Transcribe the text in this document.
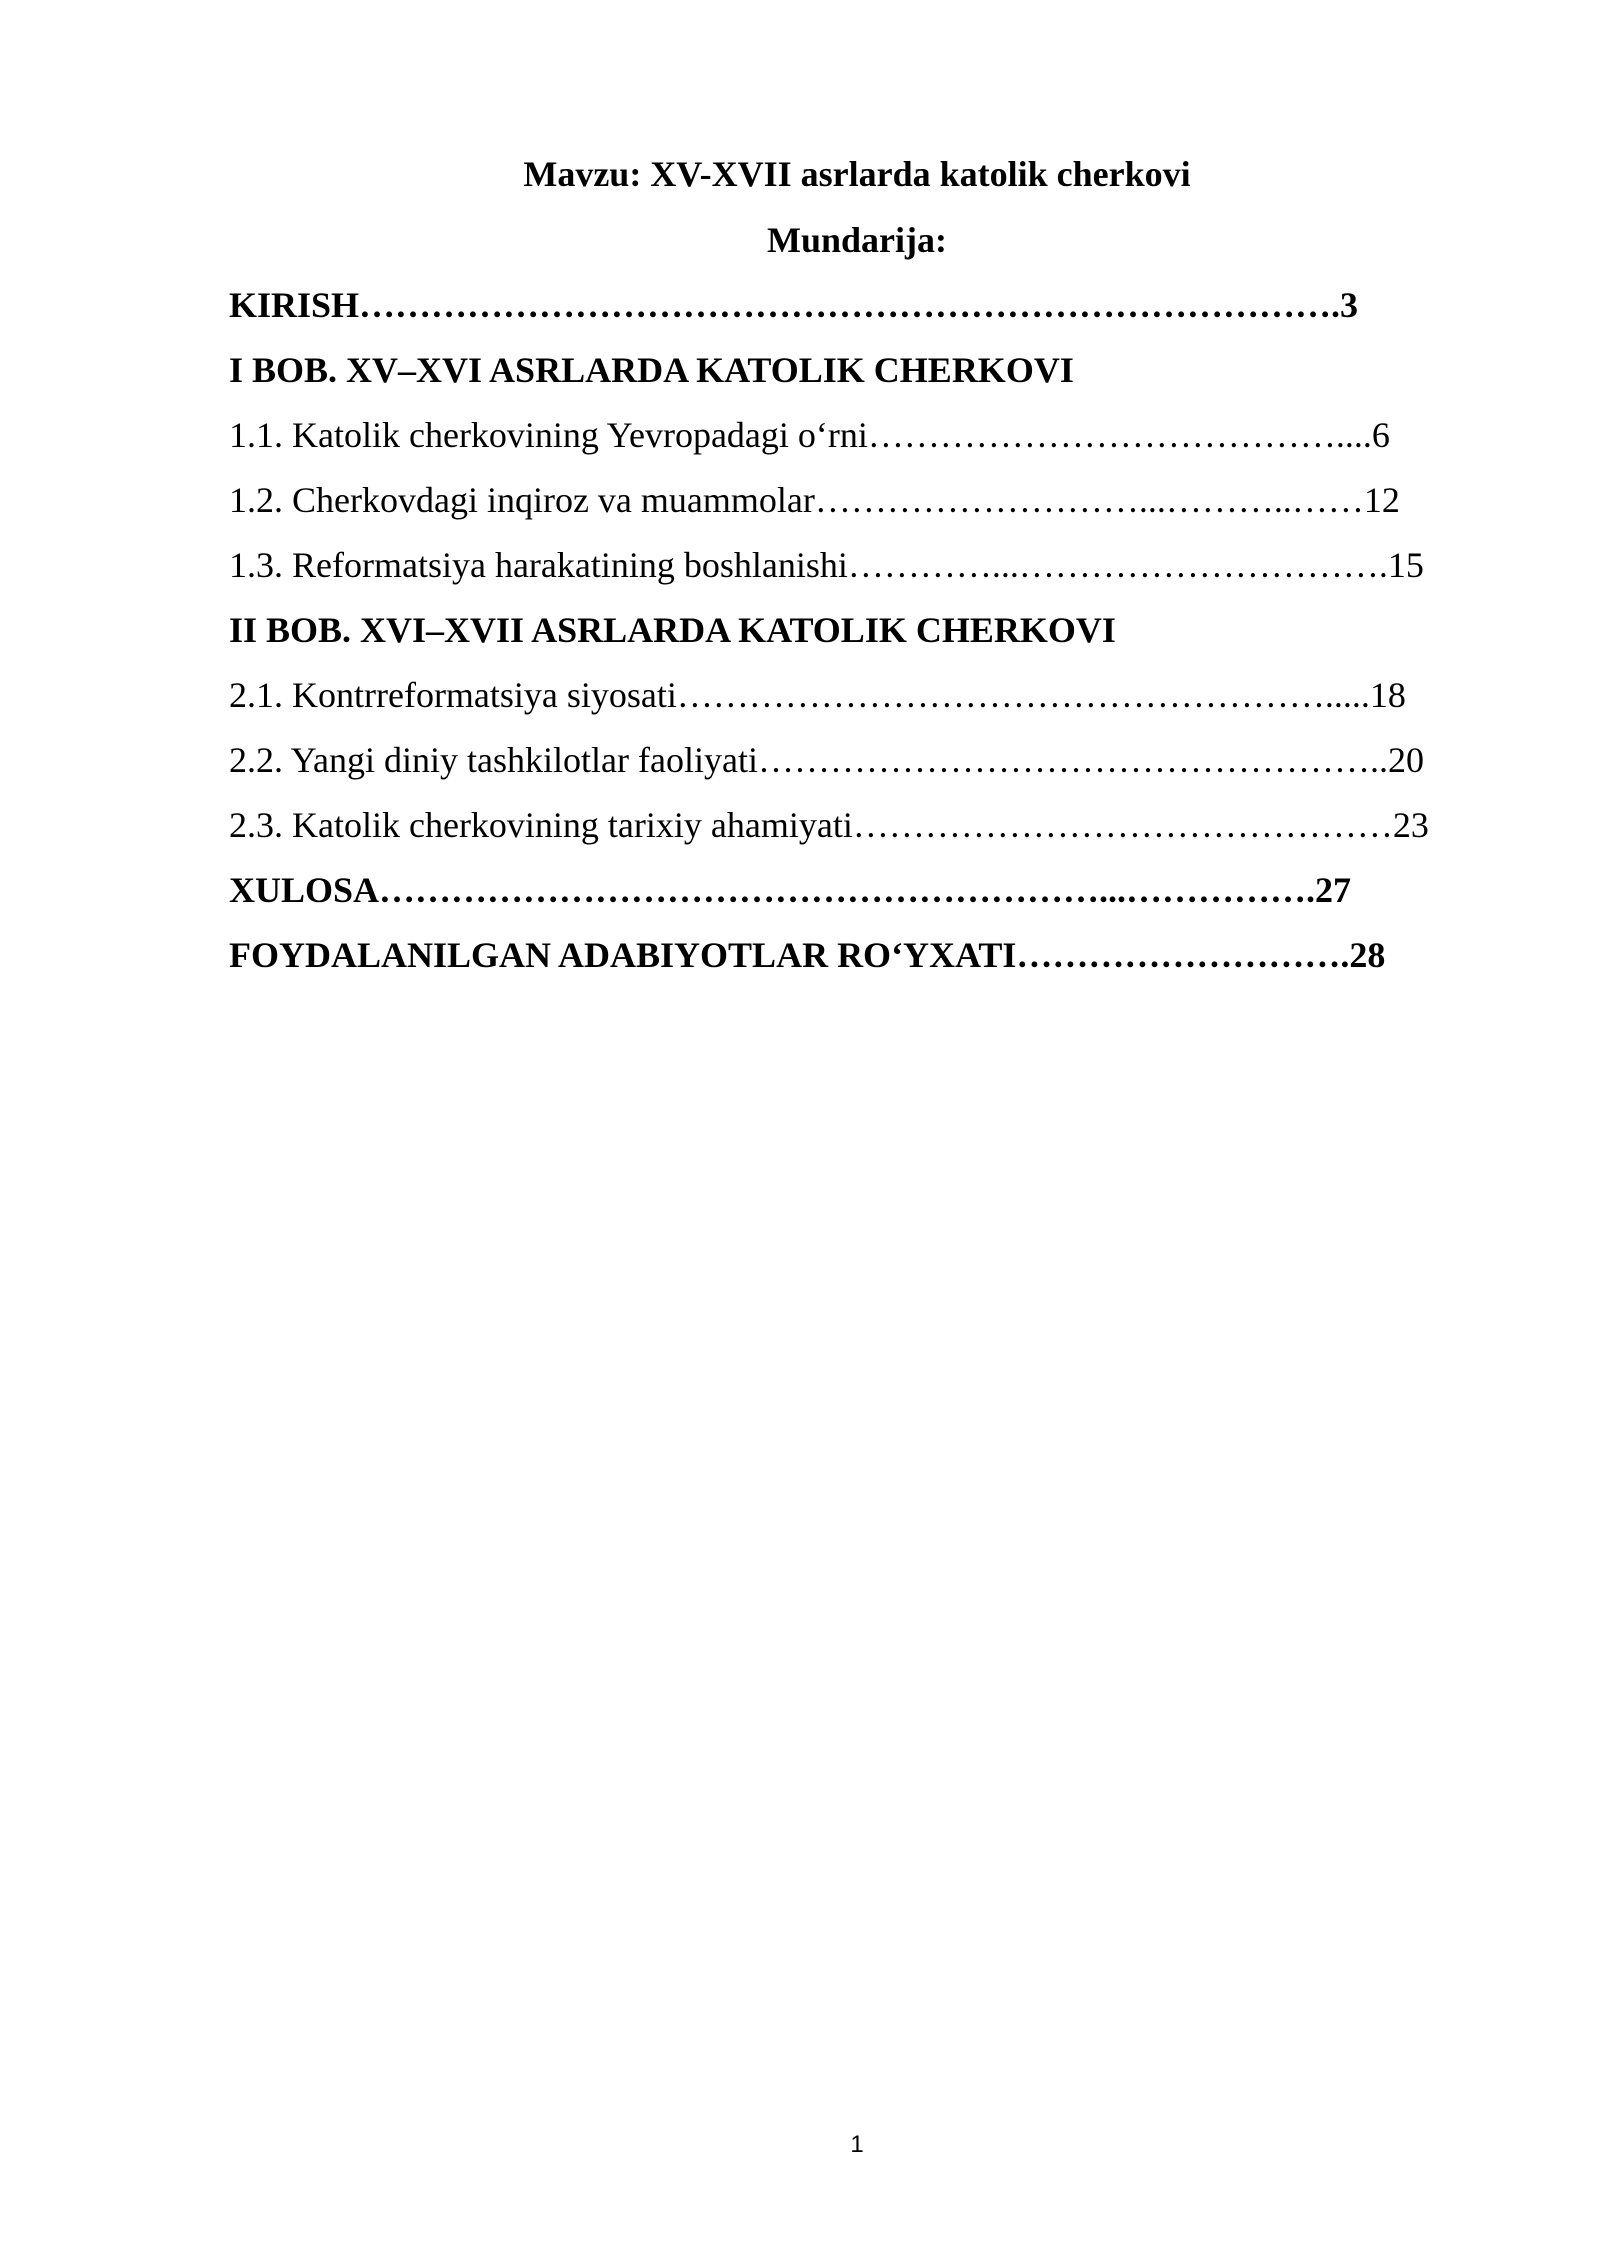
Mavzu: XV-XVII asrlarda katolik cherkovi
Mundarija:
KIRISH……………………………………………………………………….3
I BOB. XV–XVI ASRLARDA KATOLIK CHERKOVI
1.1. Katolik cherkovining Yevropadagi o‘rni…………………………………....6
1.2. Cherkovdagi inqiroz va muammolar………………………...………..……12
1.3. Reformatsiya harakatining boshlanishi…………...………………………….15
II BOB. XVI–XVII ASRLARDA KATOLIK CHERKOVI
2.1. Kontrreformatsiya siyosati……………………………………………….....18
2.2. Yangi diniy tashkilotlar faoliyati……………………………………………..20
2.3. Katolik cherkovining tarixiy ahamiyati………………………………………23
XULOSA……………………………………………………...…………….27
FOYDALANILGAN ADABIYOTLAR RO‘YXATI……………………….28
1
